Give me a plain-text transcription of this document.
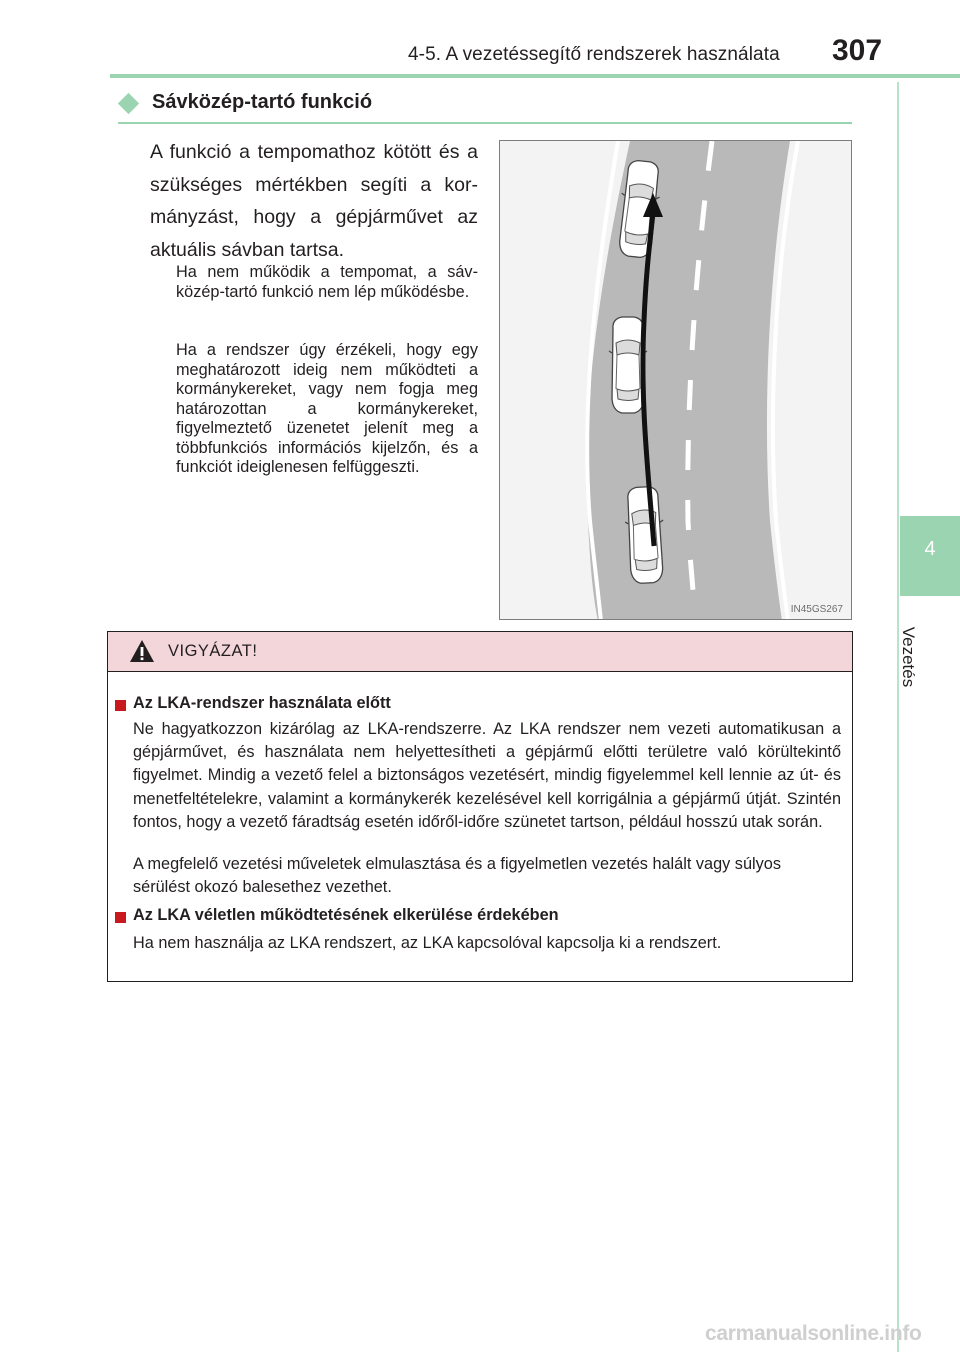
4-5. A vezetéssegítő rendszerek használata 307
4
Vezetés
Sávközép-tartó funkció
A funkció a tempomathoz kötött és a szükséges mértékben segíti a kormányzást, hogy a gépjárművet az aktuális sávban tartsa.
Ha nem működik a tempomat, a sávközép-tartó funkció nem lép működésbe.
Ha a rendszer úgy érzékeli, hogy egy meghatározott ideig nem működteti a kormánykereket, vagy nem fogja meg határozottan a kormánykereket, figyelmeztető üzenetet jelenít meg a többfunkciós információs kijelzőn, és a funkciót ideiglenesen felfüggeszti.
IN45GS267
VIGYÁZAT!
Az LKA-rendszer használata előtt
Ne hagyatkozzon kizárólag az LKA-rendszerre. Az LKA rendszer nem vezeti automatikusan a gépjárművet, és használata nem helyettesítheti a gépjármű előtti területre való körültekintő figyelmet. Mindig a vezető felel a biztonságos vezetésért, mindig figyelemmel kell lennie az út- és menetfeltételekre, valamint a kormánykerék kezelésével kell korrigálnia a gépjármű útját. Szintén fontos, hogy a vezető fáradtság esetén időről-időre szünetet tartson, például hosszú utak során.
A megfelelő vezetési műveletek elmulasztása és a figyelmetlen vezetés halált vagy súlyos sérülést okozó balesethez vezethet.
Az LKA véletlen működtetésének elkerülése érdekében
Ha nem használja az LKA rendszert, az LKA kapcsolóval kapcsolja ki a rendszert.
carmanualsonline.info
